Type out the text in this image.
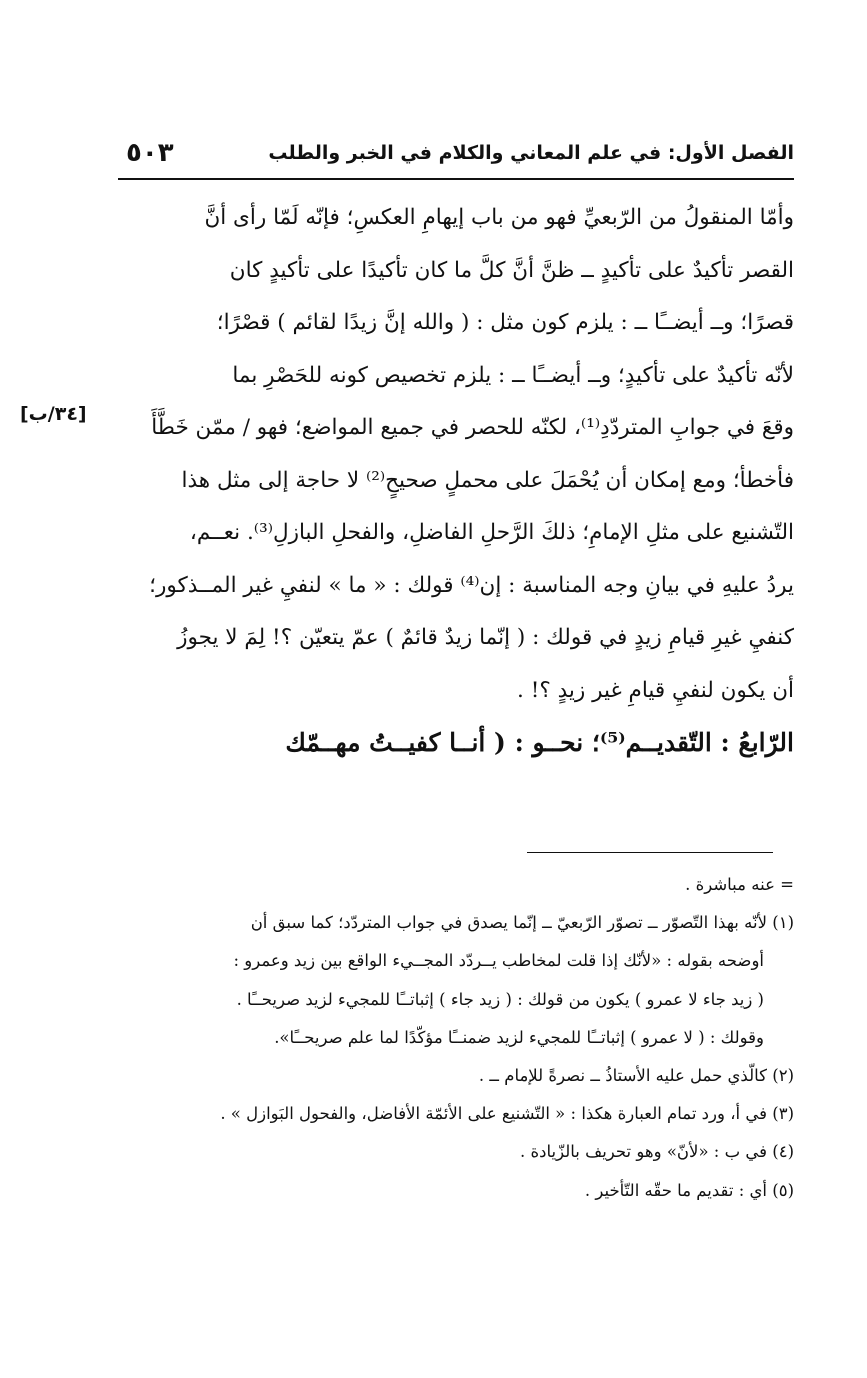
الفصل الأول: في علم المعاني والكلام في الخبر والطلب
٥٠٣
[٣٤/ب]
وأمّا المنقولُ من الرّبعيِّ فهو من باب إيهامِ العكسِ؛ فإنّه لَمّا رأى أنَّ
القصر تأكيدٌ على تأكيدٍ ــ ظنَّ أنَّ كلَّ ما كان تأكيدًا على تأكيدٍ كان
قصرًا؛ وــ أيضــًا ــ : يلزم كون مثل : ( والله إنَّ زيدًا لقائم ) قصْرًا؛
لأنّه تأكيدٌ على تأكيدٍ؛ وــ أيضــًا ــ : يلزم تخصيص كونه للحَصْرِ بما
وقعَ في جوابِ المتردّدِ⁽¹⁾، لكنّه للحصر في جميع المواضع؛ فهو / ممّن خَطَّأَ
فأخطأ؛ ومع إمكان أن يُحْمَلَ على محملٍ صحيحٍ⁽²⁾ لا حاجة إلى مثل هذا
التّشنيع على مثلِ الإمامِ؛ ذلكَ الرَّحلِ الفاضلِ، والفحلِ البازلِ⁽³⁾. نعــم،
يردُ عليهِ في بيانِ وجه المناسبة : إن⁽⁴⁾ قولك : « ما » لنفيِ غير المــذكور؛
كنفيِ غيرِ قيامِ زيدٍ في قولك : ( إنّما زيدٌ قائمٌ ) عمّ يتعيّن ؟! لِمَ لا يجوزُ
أن يكون لنفيِ قيامِ غير زيدٍ ؟! .
الرّابعُ : التّقديــم⁽⁵⁾؛ نحــو : ( أنــا كفيــتُ مهــمّك
= عنه مباشرة .
(١) لأنّه بهذا التّصوّر ــ تصوّر الرّبعيّ ــ إنّما يصدق في جواب المتردّد؛ كما سبق أن
أوضحه بقوله : «لأنّك إذا قلت لمخاطب يــردّد المجــيء الواقع بين زيد وعمرو :
( زيد جاء لا عمرو ) يكون من قولك : ( زيد جاء ) إثباتــًا للمجيء لزيد صريحــًا .
وقولك : ( لا عمرو ) إثباتــًا للمجيء لزيد ضمنــًا مؤكّدًا لما علم صريحــًا».
(٢) كالّذي حمل عليه الأستاذُ ــ نصرةً للإمام ــ .
(٣) في أ، ورد تمام العبارة هكذا : « التّشنيع على الأئمّة الأفاضل، والفحول البَوازل » .
(٤) في ب : «لأنّ» وهو تحريف بالزّيادة .
(٥) أي : تقديم ما حقّه التّأخير .
